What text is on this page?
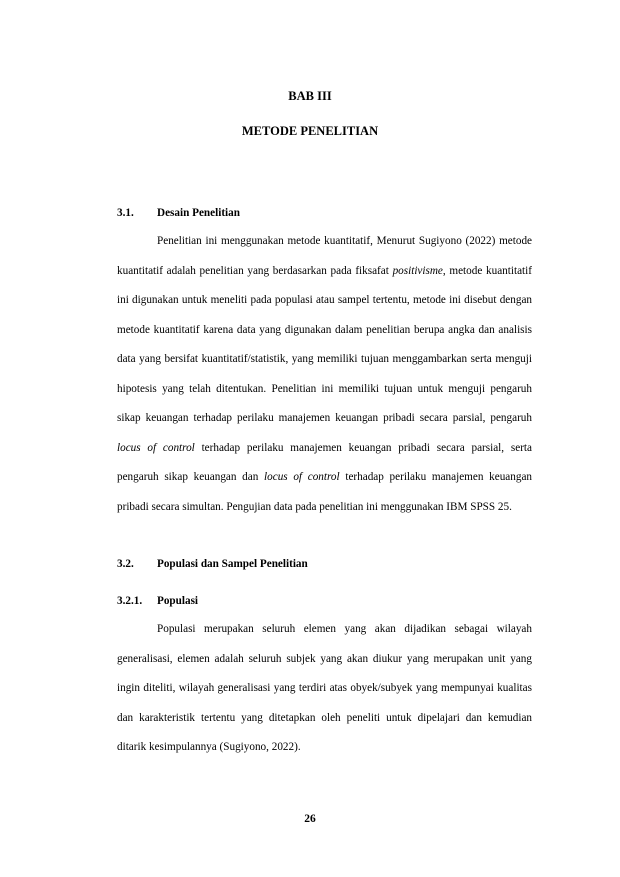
BAB III
METODE PENELITIAN
3.1. Desain Penelitian

Penelitian ini menggunakan metode kuantitatif, Menurut Sugiyono (2022) metode kuantitatif adalah penelitian yang berdasarkan pada fiksafat positivisme, metode kuantitatif ini digunakan untuk meneliti pada populasi atau sampel tertentu, metode ini disebut dengan metode kuantitatif karena data yang digunakan dalam penelitian berupa angka dan analisis data yang bersifat kuantitatif/statistik, yang memiliki tujuan menggambarkan serta menguji hipotesis yang telah ditentukan. Penelitian ini memiliki tujuan untuk menguji pengaruh sikap keuangan terhadap perilaku manajemen keuangan pribadi secara parsial, pengaruh locus of control terhadap perilaku manajemen keuangan pribadi secara parsial, serta pengaruh sikap keuangan dan locus of control terhadap perilaku manajemen keuangan pribadi secara simultan. Pengujian data pada penelitian ini menggunakan IBM SPSS 25.

3.2. Populasi dan Sampel Penelitian
3.2.1. Populasi

Populasi merupakan seluruh elemen yang akan dijadikan sebagai wilayah generalisasi, elemen adalah seluruh subjek yang akan diukur yang merupakan unit yang ingin diteliti, wilayah generalisasi yang terdiri atas obyek/subyek yang mempunyai kualitas dan karakteristik tertentu yang ditetapkan oleh peneliti untuk dipelajari dan kemudian ditarik kesimpulannya (Sugiyono, 2022).

26
